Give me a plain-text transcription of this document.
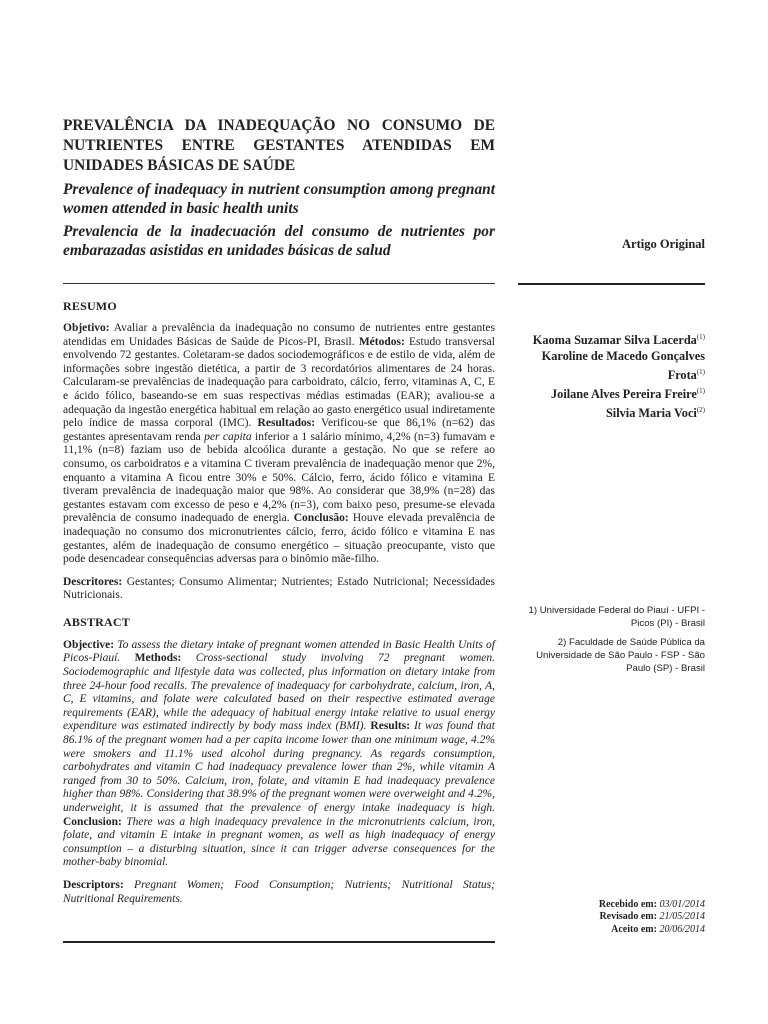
PREVALÊNCIA DA INADEQUAÇÃO NO CONSUMO DE NUTRIENTES ENTRE GESTANTES ATENDIDAS EM UNIDADES BÁSICAS DE SAÚDE

Prevalence of inadequacy in nutrient consumption among pregnant women attended in basic health units

Prevalencia de la inadecuación del consumo de nutrientes por embarazadas asistidas en unidades básicas de salud

RESUMO

Objetivo: Avaliar a prevalência da inadequação no consumo de nutrientes entre gestantes atendidas em Unidades Básicas de Saúde de Picos-PI, Brasil. Métodos: Estudo transversal envolvendo 72 gestantes. Coletaram-se dados sociodemográficos e de estilo de vida, além de informações sobre ingestão dietética, a partir de 3 recordatórios alimentares de 24 horas. Calcularam-se prevalências de inadequação para carboidrato, cálcio, ferro, vitaminas A, C, E e ácido fólico, baseando-se em suas respectivas médias estimadas (EAR); avaliou-se a adequação da ingestão energética habitual em relação ao gasto energético usual indiretamente pelo índice de massa corporal (IMC). Resultados: Verificou-se que 86,1% (n=62) das gestantes apresentavam renda per capita inferior a 1 salário mínimo, 4,2% (n=3) fumavam e 11,1% (n=8) faziam uso de bebida alcoólica durante a gestação. No que se refere ao consumo, os carboidratos e a vitamina C tiveram prevalência de inadequação menor que 2%, enquanto a vitamina A ficou entre 30% e 50%. Cálcio, ferro, ácido fólico e vitamina E tiveram prevalência de inadequação maior que 98%. Ao considerar que 38,9% (n=28) das gestantes estavam com excesso de peso e 4,2% (n=3), com baixo peso, presume-se elevada prevalência de consumo inadequado de energia. Conclusão: Houve elevada prevalência de inadequação no consumo dos micronutrientes cálcio, ferro, ácido fólico e vitamina E nas gestantes, além de inadequação de consumo energético – situação preocupante, visto que pode desencadear consequências adversas para o binômio mãe-filho.

Descritores: Gestantes; Consumo Alimentar; Nutrientes; Estado Nutricional; Necessidades Nutricionais.

ABSTRACT

Objective: To assess the dietary intake of pregnant women attended in Basic Health Units of Picos-Piauí. Methods: Cross-sectional study involving 72 pregnant women. Sociodemographic and lifestyle data was collected, plus information on dietary intake from three 24-hour food recalls. The prevalence of inadequacy for carbohydrate, calcium, iron, A, C, E vitamins, and folate were calculated based on their respective estimated average requirements (EAR), while the adequacy of habitual energy intake relative to usual energy expenditure was estimated indirectly by body mass index (BMI). Results: It was found that 86.1% of the pregnant women had a per capita income lower than one minimum wage, 4.2% were smokers and 11.1% used alcohol during pregnancy. As regards consumption, carbohydrates and vitamin C had inadequacy prevalence lower than 2%, while vitamin A ranged from 30 to 50%. Calcium, iron, folate, and vitamin E had inadequacy prevalence higher than 98%. Considering that 38.9% of the pregnant women were overweight and 4.2%, underweight, it is assumed that the prevalence of energy intake inadequacy is high. Conclusion: There was a high inadequacy prevalence in the micronutrients calcium, iron, folate, and vitamin E intake in pregnant women, as well as high inadequacy of energy consumption – a disturbing situation, since it can trigger adverse consequences for the mother-baby binomial.

Descriptors: Pregnant Women; Food Consumption; Nutrients; Nutritional Status; Nutritional Requirements.

Artigo Original
Kaoma Suzamar Silva Lacerda$^{(1)}$
Karoline de Macedo Gonçalves Frota$^{(1)}$
Joilane Alves Pereira Freire$^{(1)}$
Silvia Maria Voci$^{(2)}$
1) Universidade Federal do Piauí - UFPI - Picos (PI) - Brasil
2) Faculdade de Saúde Pública da Universidade de São Paulo - FSP - São Paulo (SP) - Brasil
Recebido em: 03/01/2014
Revisado em: 21/05/2014
Aceito em: 20/06/2014
